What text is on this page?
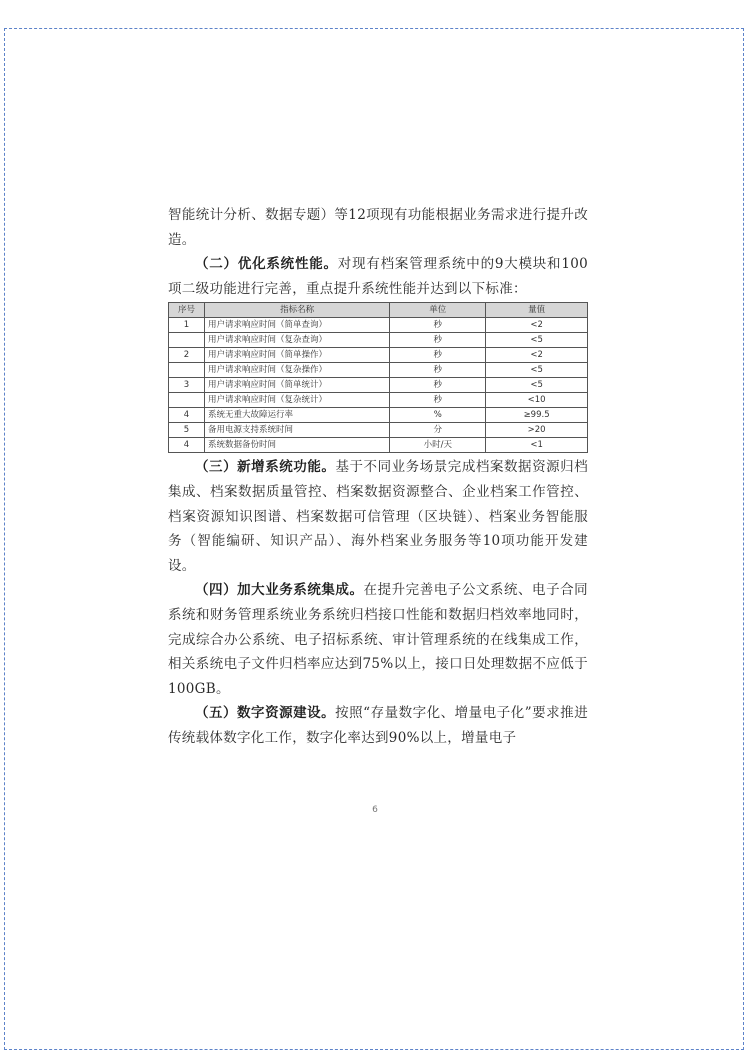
智能统计分析、数据专题）等12项现有功能根据业务需求进行提升改造。

（二）优化系统性能。对现有档案管理系统中的9大模块和100项二级功能进行完善，重点提升系统性能并达到以下标准：

序号	指标名称	单位	量值
1	用户请求响应时间（简单查询）	秒	<2
	用户请求响应时间（复杂查询）	秒	<5
2	用户请求响应时间（简单操作）	秒	<2
	用户请求响应时间（复杂操作）	秒	<5
3	用户请求响应时间（简单统计）	秒	<5
	用户请求响应时间（复杂统计）	秒	<10
4	系统无重大故障运行率	%	≥99.5
5	备用电源支持系统时间	分	>20
4	系统数据备份时间	小时/天	<1

（三）新增系统功能。基于不同业务场景完成档案数据资源归档集成、档案数据质量管控、档案数据资源整合、企业档案工作管控、档案资源知识图谱、档案数据可信管理（区块链）、档案业务智能服务（智能编研、知识产品）、海外档案业务服务等10项功能开发建设。

（四）加大业务系统集成。在提升完善电子公文系统、电子合同系统和财务管理系统业务系统归档接口性能和数据归档效率地同时，完成综合办公系统、电子招标系统、审计管理系统的在线集成工作，相关系统电子文件归档率应达到75%以上，接口日处理数据不应低于100GB。

（五）数字资源建设。按照“存量数字化、增量电子化”要求推进传统载体数字化工作，数字化率达到90%以上，增量电子

6
